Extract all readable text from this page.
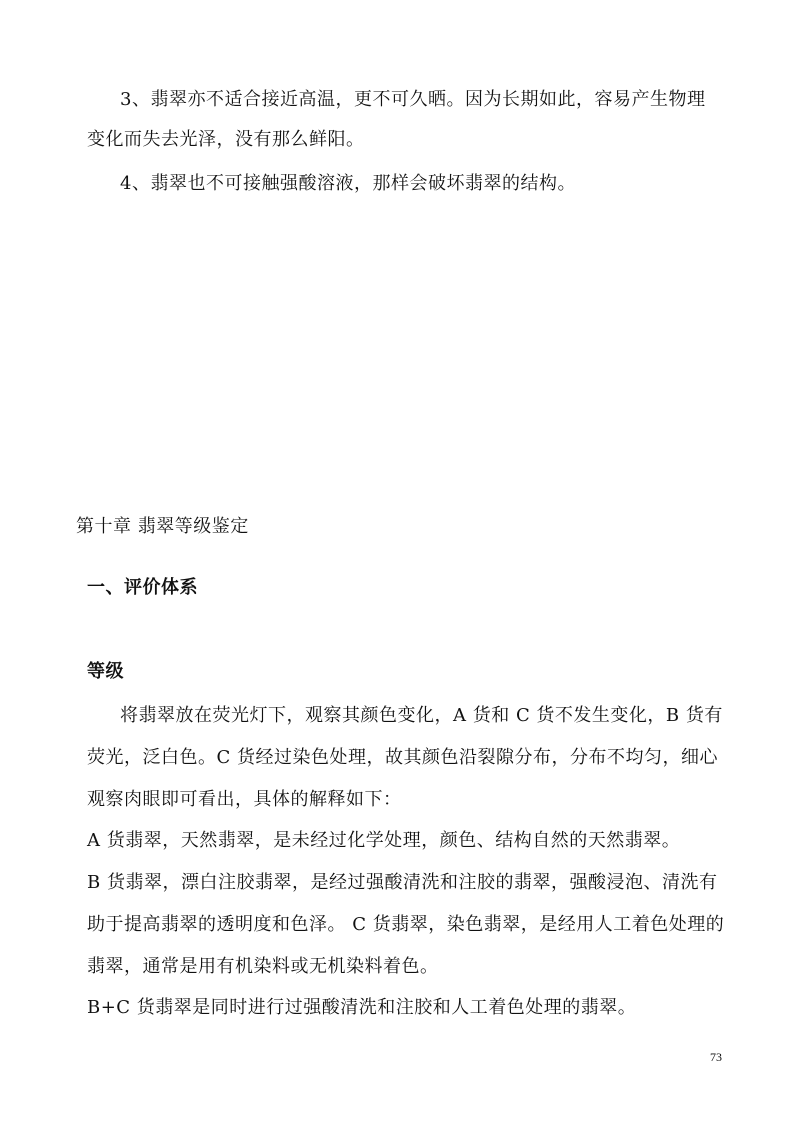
3、翡翠亦不适合接近高温，更不可久晒。因为长期如此，容易产生物理
变化而失去光泽，没有那么鲜阳。
4、翡翠也不可接触强酸溶液，那样会破坏翡翠的结构。
第十章 翡翠等级鉴定
一、评价体系
等级
将翡翠放在荧光灯下，观察其颜色变化，A 货和 C 货不发生变化，B 货有
荧光，泛白色。C 货经过染色处理，故其颜色沿裂隙分布，分布不均匀，细心
观察肉眼即可看出，具体的解释如下：
A 货翡翠，天然翡翠，是未经过化学处理，颜色、结构自然的天然翡翠。
B 货翡翠，漂白注胶翡翠，是经过强酸清洗和注胶的翡翠，强酸浸泡、清洗有
助于提高翡翠的透明度和色泽。 C 货翡翠，染色翡翠，是经用人工着色处理的
翡翠，通常是用有机染料或无机染料着色。
B+C 货翡翠是同时进行过强酸清洗和注胶和人工着色处理的翡翠。
73
